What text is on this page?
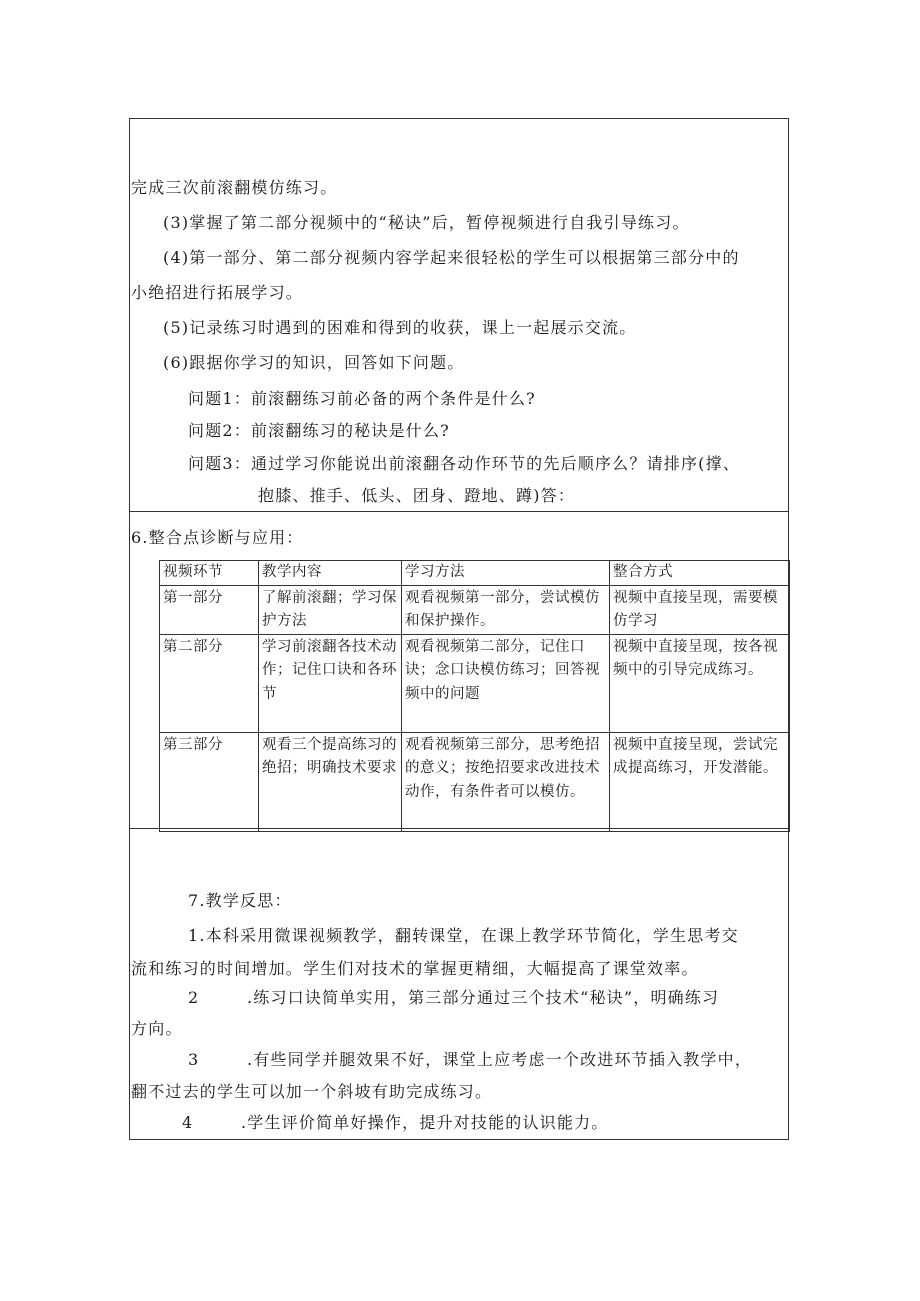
完成三次前滚翻模仿练习。
(3)掌握了第二部分视频中的“秘诀”后，暂停视频进行自我引导练习。
(4)第一部分、第二部分视频内容学起来很轻松的学生可以根据第三部分中的
小绝招进行拓展学习。
(5)记录练习时遇到的困难和得到的收获，课上一起展示交流。
(6)跟据你学习的知识，回答如下问题。
问题1：前滚翻练习前必备的两个条件是什么?
问题2：前滚翻练习的秘诀是什么?
问题3：通过学习你能说出前滚翻各动作环节的先后顺序么？请排序(撑、
抱膝、推手、低头、团身、蹬地、蹲)答：
6.整合点诊断与应用：
视频环节	教学内容	学习方法	整合方式
第一部分	了解前滚翻；学习保护方法	观看视频第一部分，尝试模仿和保护操作。	视频中直接呈现，需要模仿学习
第二部分	学习前滚翻各技术动作；记住口诀和各环节	观看视频第二部分，记住口诀；念口诀模仿练习；回答视频中的问题	视频中直接呈现，按各视频中的引导完成练习。
第三部分	观看三个提高练习的绝招；明确技术要求	观看视频第三部分，思考绝招的意义；按绝招要求改进技术动作，有条件者可以模仿。	视频中直接呈现，尝试完成提高练习，开发潜能。
7.教学反思：
1.本科采用微课视频教学，翻转课堂，在课上教学环节简化，学生思考交
流和练习的时间增加。学生们对技术的掌握更精细，大幅提高了课堂效率。
2	.练习口诀简单实用，第三部分通过三个技术“秘诀”，明确练习
方向。
3	.有些同学并腿效果不好，课堂上应考虑一个改进环节插入教学中，
翻不过去的学生可以加一个斜坡有助完成练习。
4	.学生评价简单好操作，提升对技能的认识能力。
